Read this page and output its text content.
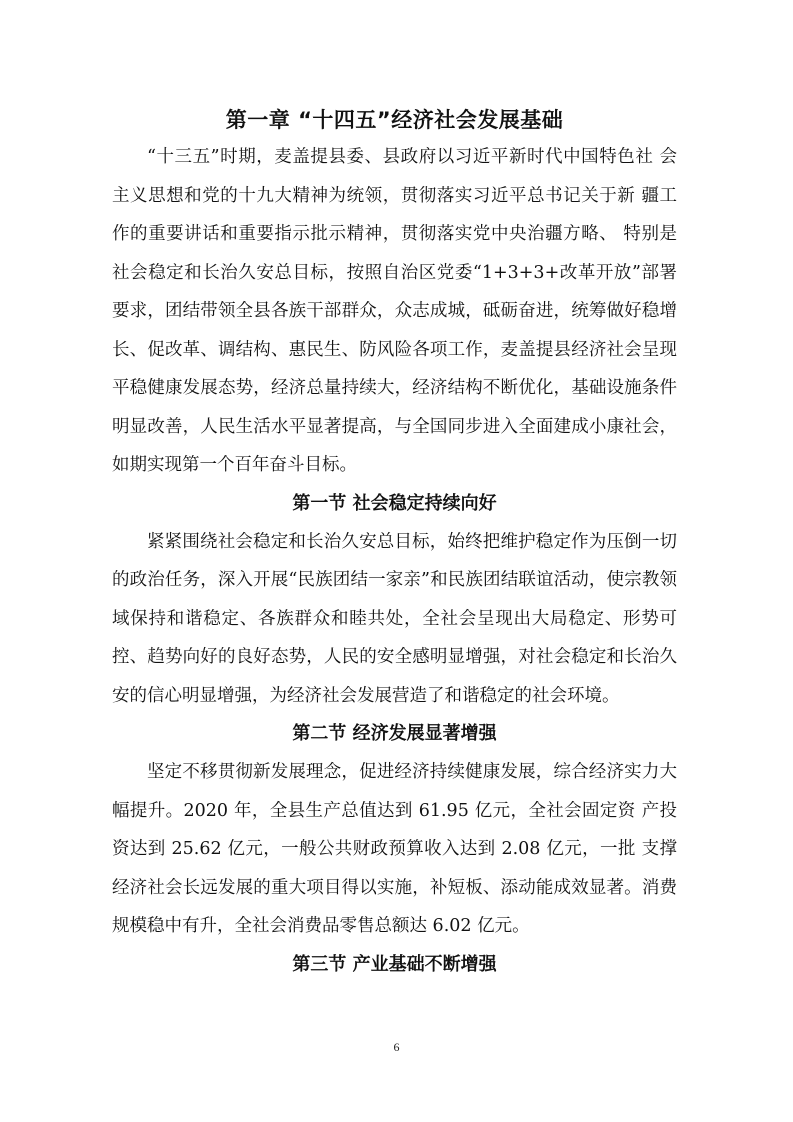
第一章 “十四五”经济社会发展基础

“十三五”时期，麦盖提县委、县政府以习近平新时代中国特色社 会主义思想和党的十九大精神为统领，贯彻落实习近平总书记关于新 疆工作的重要讲话和重要指示批示精神，贯彻落实党中央治疆方略、 特别是社会稳定和长治久安总目标，按照自治区党委“1+3+3+改革开放”部署要求，团结带领全县各族干部群众，众志成城，砥砺奋进，统筹做好稳增长、促改革、调结构、惠民生、防风险各项工作，麦盖提县经济社会呈现平稳健康发展态势，经济总量持续大，经济结构不断优化，基础设施条件明显改善，人民生活水平显著提高，与全国同步进入全面建成小康社会，如期实现第一个百年奋斗目标。

第一节 社会稳定持续向好

紧紧围绕社会稳定和长治久安总目标，始终把维护稳定作为压倒一切的政治任务，深入开展“民族团结一家亲”和民族团结联谊活动，使宗教领域保持和谐稳定、各族群众和睦共处，全社会呈现出大局稳定、形势可控、趋势向好的良好态势，人民的安全感明显增强，对社会稳定和长治久安的信心明显增强，为经济社会发展营造了和谐稳定的社会环境。

第二节 经济发展显著增强

坚定不移贯彻新发展理念，促进经济持续健康发展，综合经济实力大幅提升。2020 年，全县生产总值达到 61.95 亿元，全社会固定资 产投资达到 25.62 亿元，一般公共财政预算收入达到 2.08 亿元，一批 支撑经济社会长远发展的重大项目得以实施，补短板、添动能成效显著。消费规模稳中有升，全社会消费品零售总额达 6.02 亿元。

第三节 产业基础不断增强
6
